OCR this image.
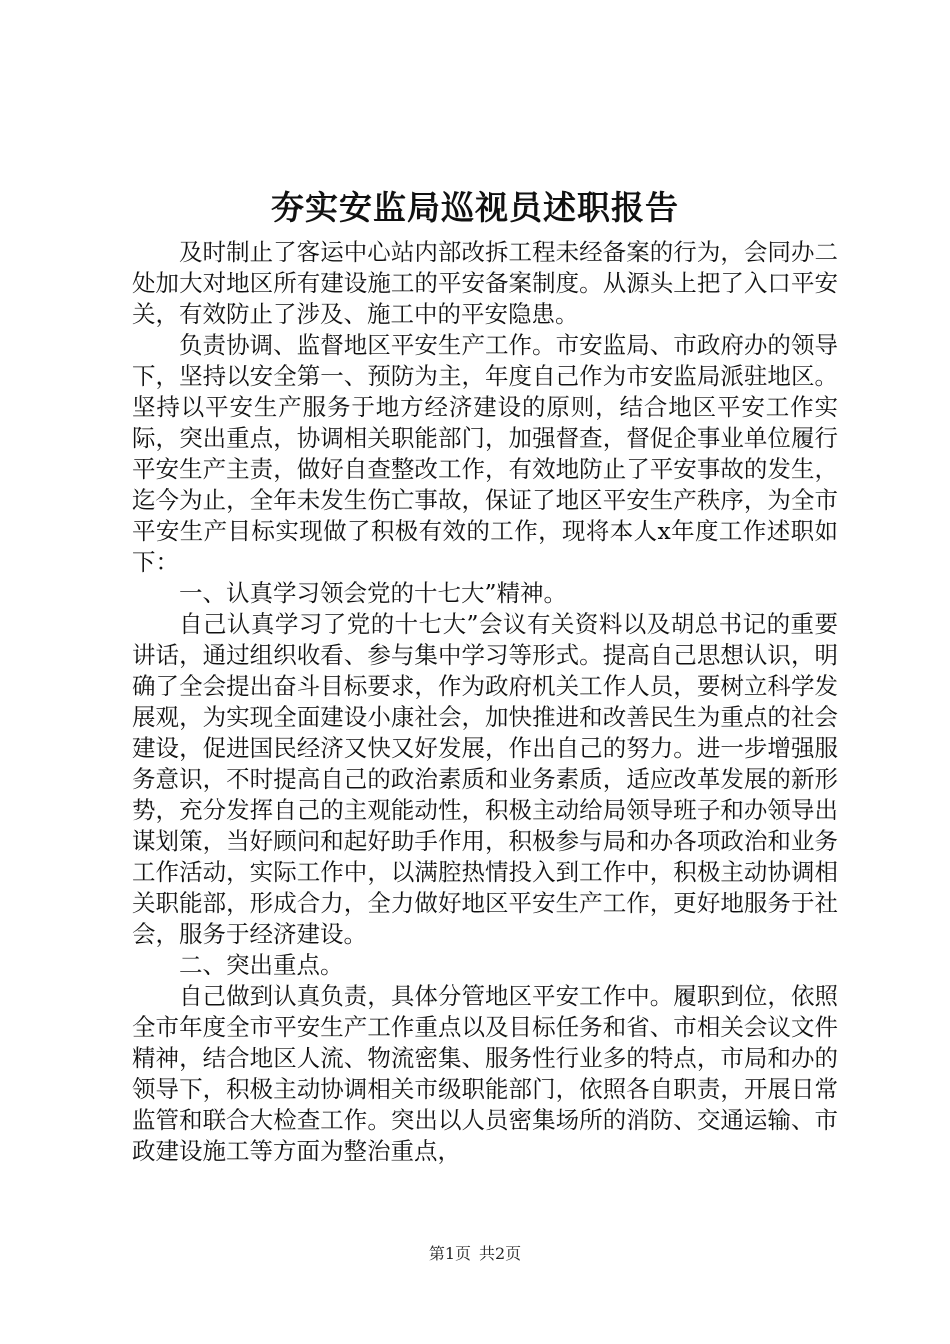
夯实安监局巡视员述职报告

及时制止了客运中心站内部改拆工程未经备案的行为，会同办二处加大对地区所有建设施工的平安备案制度。从源头上把了入口平安关，有效防止了涉及、施工中的平安隐患。

负责协调、监督地区平安生产工作。市安监局、市政府办的领导下，坚持以安全第一、预防为主，年度自己作为市安监局派驻地区。坚持以平安生产服务于地方经济建设的原则，结合地区平安工作实际，突出重点，协调相关职能部门，加强督查，督促企事业单位履行平安生产主责，做好自查整改工作，有效地防止了平安事故的发生，迄今为止，全年未发生伤亡事故，保证了地区平安生产秩序，为全市平安生产目标实现做了积极有效的工作，现将本人x年度工作述职如下：

一、认真学习领会党的十七大”精神。

自己认真学习了党的十七大”会议有关资料以及胡总书记的重要讲话，通过组织收看、参与集中学习等形式。提高自己思想认识，明确了全会提出奋斗目标要求，作为政府机关工作人员，要树立科学发展观，为实现全面建设小康社会，加快推进和改善民生为重点的社会建设，促进国民经济又快又好发展，作出自己的努力。进一步增强服务意识，不时提高自己的政治素质和业务素质，适应改革发展的新形势，充分发挥自己的主观能动性，积极主动给局领导班子和办领导出谋划策，当好顾问和起好助手作用，积极参与局和办各项政治和业务工作活动，实际工作中，以满腔热情投入到工作中，积极主动协调相关职能部，形成合力，全力做好地区平安生产工作，更好地服务于社会，服务于经济建设。

二、突出重点。

自己做到认真负责，具体分管地区平安工作中。履职到位，依照全市年度全市平安生产工作重点以及目标任务和省、市相关会议文件精神，结合地区人流、物流密集、服务性行业多的特点，市局和办的领导下，积极主动协调相关市级职能部门，依照各自职责，开展日常监管和联合大检查工作。突出以人员密集场所的消防、交通运输、市政建设施工等方面为整治重点，

第1页 共2页
